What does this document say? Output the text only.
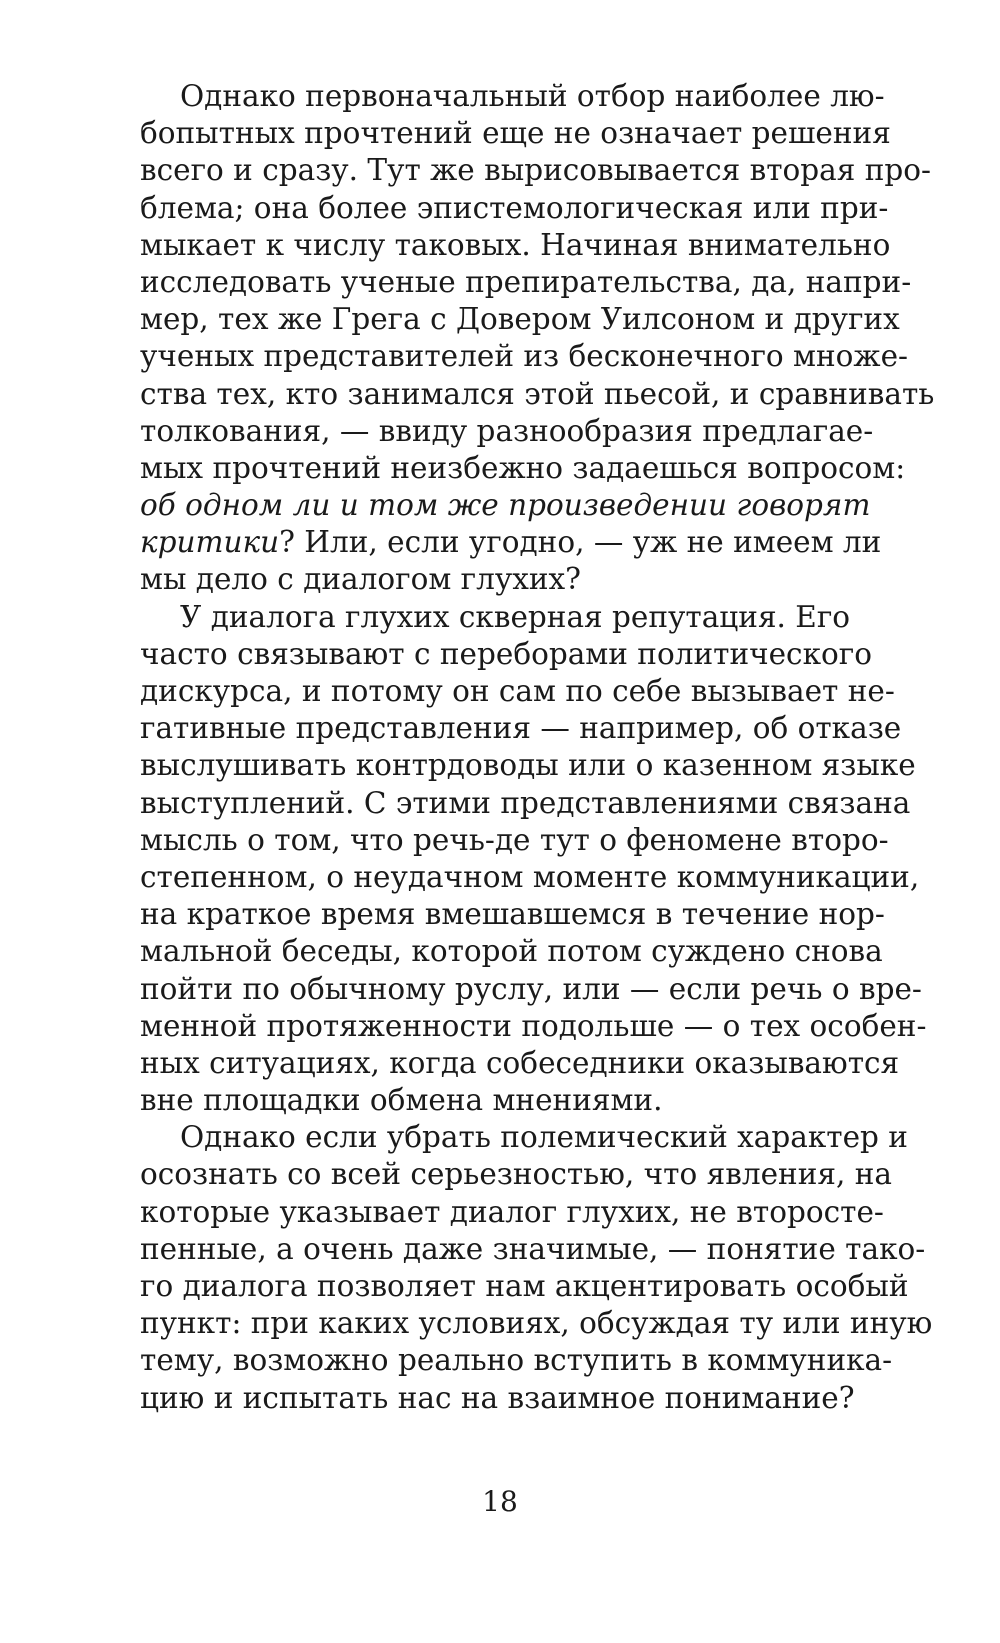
Однако первоначальный отбор наиболее лю-
бопытных прочтений еще не означает решения
всего и сразу. Тут же вырисовывается вторая про-
блема; она более эпистемологическая или при-
мыкает к числу таковых. Начиная внимательно
исследовать ученые препирательства, да, напри-
мер, тех же Грега с Довером Уилсоном и других
ученых представителей из бесконечного множе-
ства тех, кто занимался этой пьесой, и сравнивать
толкования, — ввиду разнообразия предлагае-
мых прочтений неизбежно задаешься вопросом:
об одном ли и том же произведении говорят
критики? Или, если угодно, — уж не имеем ли
мы дело с диалогом глухих?
У диалога глухих скверная репутация. Его
часто связывают с переборами политического
дискурса, и потому он сам по себе вызывает не-
гативные представления — например, об отказе
выслушивать контрдоводы или о казенном языке
выступлений. С этими представлениями связана
мысль о том, что речь-де тут о феномене второ-
степенном, о неудачном моменте коммуникации,
на краткое время вмешавшемся в течение нор-
мальной беседы, которой потом суждено снова
пойти по обычному руслу, или — если речь о вре-
менной протяженности подольше — о тех особен-
ных ситуациях, когда собеседники оказываются
вне площадки обмена мнениями.
Однако если убрать полемический характер и
осознать со всей серьезностью, что явления, на
которые указывает диалог глухих, не второсте-
пенные, а очень даже значимые, — понятие тако-
го диалога позволяет нам акцентировать особый
пункт: при каких условиях, обсуждая ту или иную
тему, возможно реально вступить в коммуника-
цию и испытать нас на взаимное понимание?
18
